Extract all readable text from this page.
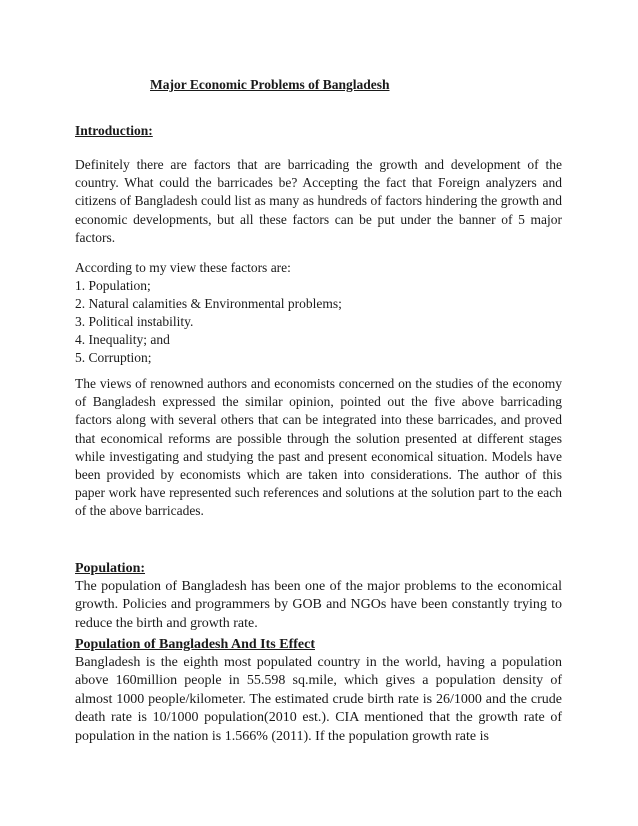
Major Economic Problems of Bangladesh
Introduction:
Definitely there are factors that are barricading the growth and development of the country. What could the barricades be? Accepting the fact that Foreign analyzers and citizens of Bangladesh could list as many as hundreds of factors hindering the growth and economic developments, but all these factors can be put under the banner of 5 major factors.
According to my view these factors are:
1. Population;
2. Natural calamities & Environmental problems;
3. Political instability.
4. Inequality; and
5. Corruption;
The views of renowned authors and economists concerned on the studies of the economy of Bangladesh expressed the similar opinion, pointed out the five above barricading factors along with several others that can be integrated into these barricades, and proved that economical reforms are possible through the solution presented at different stages while investigating and studying the past and present economical situation. Models have been provided by economists which are taken into considerations. The author of this paper work have represented such references and solutions at the solution part to the each of the above barricades.
Population:
The population of Bangladesh has been one of the major problems to the economical growth. Policies and programmers by GOB and NGOs have been constantly trying to reduce the birth and growth rate.
Population of Bangladesh And Its Effect
Bangladesh is the eighth most populated country in the world, having a population above 160million people in 55.598 sq.mile, which gives a population density of almost 1000 people/kilometer. The estimated crude birth rate is 26/1000 and the crude death rate is 10/1000 population(2010 est.). CIA mentioned that the growth rate of population in the nation is 1.566% (2011). If the population growth rate is
